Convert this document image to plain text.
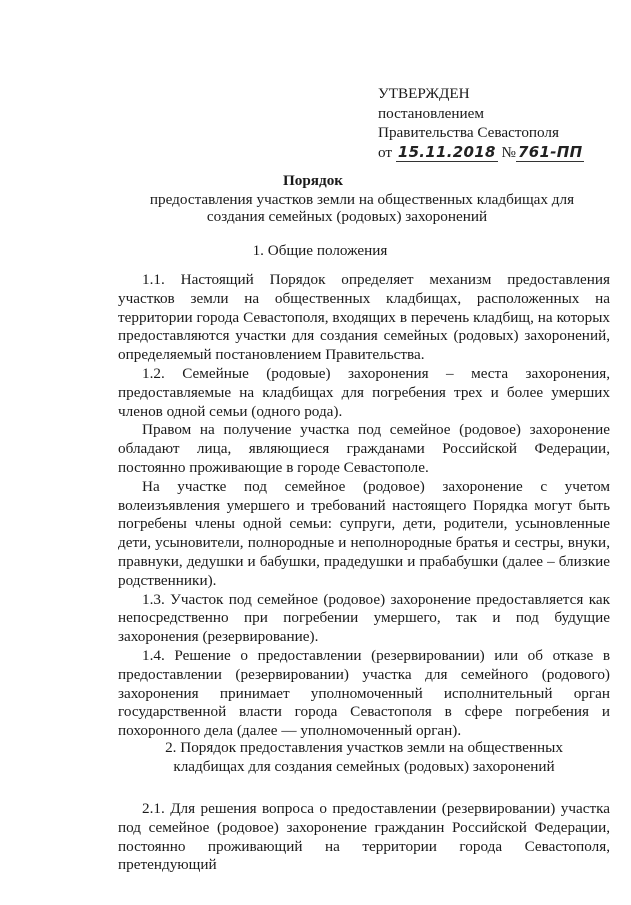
УТВЕРЖДЕН
постановлением
Правительства Севастополя
от 15.11.2018 № 761-ПП
Порядок
предоставления участков земли на общественных кладбищах для
создания семейных (родовых) захоронений
1. Общие положения

1.1. Настоящий Порядок определяет механизм предоставления участков земли на общественных кладбищах, расположенных на территории города Севастополя, входящих в перечень кладбищ, на которых предоставляются участки для создания семейных (родовых) захоронений, определяемый постановлением Правительства.

1.2. Семейные (родовые) захоронения – места захоронения, предоставляемые на кладбищах для погребения трех и более умерших членов одной семьи (одного рода).

Правом на получение участка под семейное (родовое) захоронение обладают лица, являющиеся гражданами Российской Федерации, постоянно проживающие в городе Севастополе.

На участке под семейное (родовое) захоронение с учетом волеизъявления умершего и требований настоящего Порядка могут быть погребены члены одной семьи: супруги, дети, родители, усыновленные дети, усыновители, полнородные и неполнородные братья и сестры, внуки, правнуки, дедушки и бабушки, прадедушки и прабабушки (далее – близкие родственники).

1.3. Участок под семейное (родовое) захоронение предоставляется как непосредственно при погребении умершего, так и под будущие захоронения (резервирование).

1.4. Решение о предоставлении (резервировании) или об отказе в предоставлении (резервировании) участка для семейного (родового) захоронения принимает уполномоченный исполнительный орган государственной власти города Севастополя в сфере погребения и похоронного дела (далее — уполномоченный орган).

2. Порядок предоставления участков земли на общественных
кладбищах для создания семейных (родовых) захоронений

2.1. Для решения вопроса о предоставлении (резервировании) участка под семейное (родовое) захоронение гражданин Российской Федерации, постоянно проживающий на территории города Севастополя, претендующий
